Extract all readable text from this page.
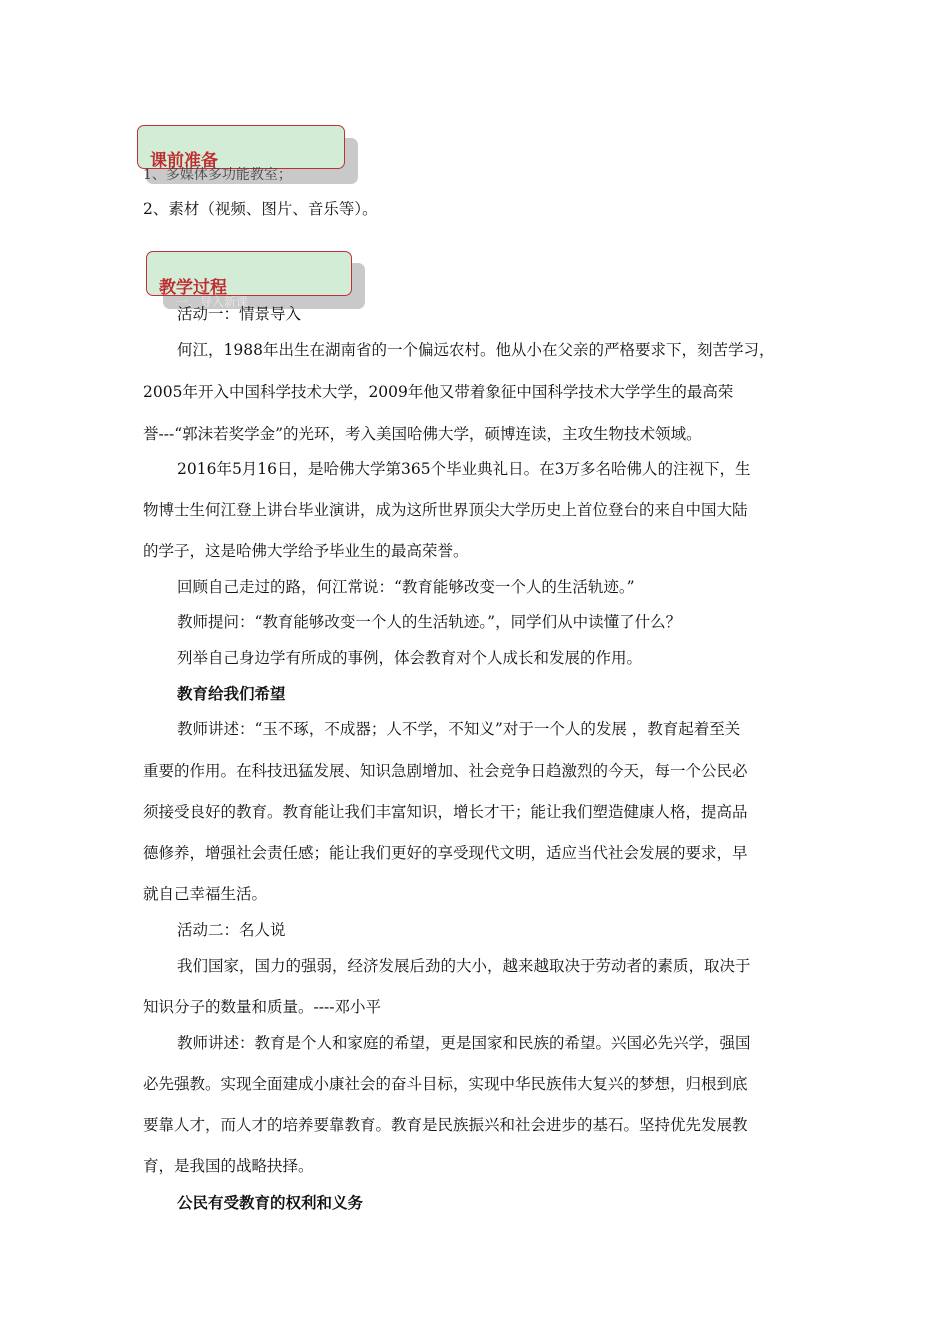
课前准备
1、多媒体多功能教室；
2、素材（视频、图片、音乐等）。
教学过程
一、导入新课
活动一：情景导入
何江，1988年出生在湖南省的一个偏远农村。他从小在父亲的严格要求下，刻苦学习，
2005年开入中国科学技术大学，2009年他又带着象征中国科学技术大学学生的最高荣
誉---“郭沫若奖学金”的光环，考入美国哈佛大学，硕博连读，主攻生物技术领域。
2016年5月16日，是哈佛大学第365个毕业典礼日。在3万多名哈佛人的注视下，生
物博士生何江登上讲台毕业演讲，成为这所世界顶尖大学历史上首位登台的来自中国大陆
的学子，这是哈佛大学给予毕业生的最高荣誉。
回顾自己走过的路，何江常说：“教育能够改变一个人的生活轨迹。”
教师提问：“教育能够改变一个人的生活轨迹。”，同学们从中读懂了什么？
列举自己身边学有所成的事例，体会教育对个人成长和发展的作用。
教育给我们希望
教师讲述：“玉不琢，不成器；人不学，不知义”对于一个人的发展 ，教育起着至关
重要的作用。在科技迅猛发展、知识急剧增加、社会竞争日趋激烈的今天，每一个公民必
须接受良好的教育。教育能让我们丰富知识，增长才干；能让我们塑造健康人格，提高品
德修养，增强社会责任感；能让我们更好的享受现代文明，适应当代社会发展的要求，早
就自己幸福生活。
活动二：名人说
我们国家，国力的强弱，经济发展后劲的大小，越来越取决于劳动者的素质，取决于
知识分子的数量和质量。----邓小平
教师讲述：教育是个人和家庭的希望，更是国家和民族的希望。兴国必先兴学，强国
必先强教。实现全面建成小康社会的奋斗目标，实现中华民族伟大复兴的梦想，归根到底
要靠人才，而人才的培养要靠教育。教育是民族振兴和社会进步的基石。坚持优先发展教
育，是我国的战略抉择。
公民有受教育的权利和义务
